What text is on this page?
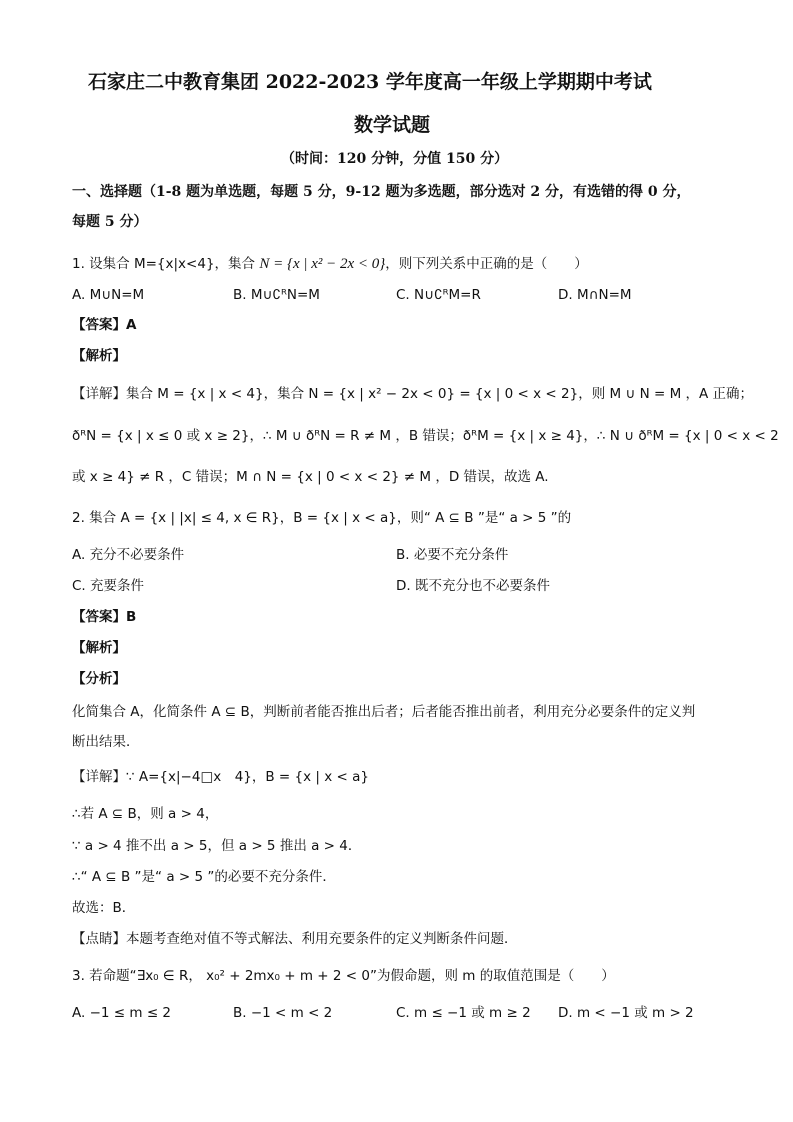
石家庄二中教育集团 2022-2023 学年度高一年级上学期期中考试
数学试题
（时间：120 分钟，分值 150 分）
一、选择题（1-8 题为单选题，每题 5 分，9-12 题为多选题，部分选对 2 分，有选错的得 0 分，
每题 5 分）
1. 设集合 M={x|x<4}，集合 N = {x | x² − 2x < 0}，则下列关系中正确的是（　　）
A. M∪N=M	B. M∪∁ᴿN=M	C. N∪∁ᴿM=R	D. M∩N=M
【答案】A
【解析】
【详解】集合 M = {x | x < 4}，集合 N = {x | x² − 2x < 0} = {x | 0 < x < 2}，则 M ∪ N = M ，A 正确；
ðᴿN = {x | x ≤ 0 或 x ≥ 2}，∴ M ∪ ðᴿN = R ≠ M ，B 错误；ðᴿM = {x | x ≥ 4}，∴ N ∪ ðᴿM = {x | 0 < x < 2
或 x ≥ 4} ≠ R ，C 错误；M ∩ N = {x | 0 < x < 2} ≠ M ，D 错误，故选 A.
2. 集合 A = {x | |x| ≤ 4, x ∈ R}，B = {x | x < a}，则“ A ⊆ B ”是“ a > 5 ”的
A. 充分不必要条件	B. 必要不充分条件
C. 充要条件	D. 既不充分也不必要条件
【答案】B
【解析】
【分析】
化简集合 A，化简条件 A ⊆ B，判断前者能否推出后者；后者能否推出前者，利用充分必要条件的定义判
断出结果．
【详解】∵ A={x|−4□x　4}，B = {x | x < a}
∴若 A ⊆ B，则 a > 4，
∵ a > 4 推不出 a > 5，但 a > 5 推出 a > 4．
∴“ A ⊆ B ”是“ a > 5 ”的必要不充分条件．
故选：B．
【点睛】本题考查绝对值不等式解法、利用充要条件的定义判断条件问题．
3. 若命题“∃x₀ ∈ R， x₀² + 2mx₀ + m + 2 < 0”为假命题，则 m 的取值范围是（　　）
A. −1 ≤ m ≤ 2	B. −1 < m < 2	C. m ≤ −1 或 m ≥ 2 D. m < −1 或 m > 2
